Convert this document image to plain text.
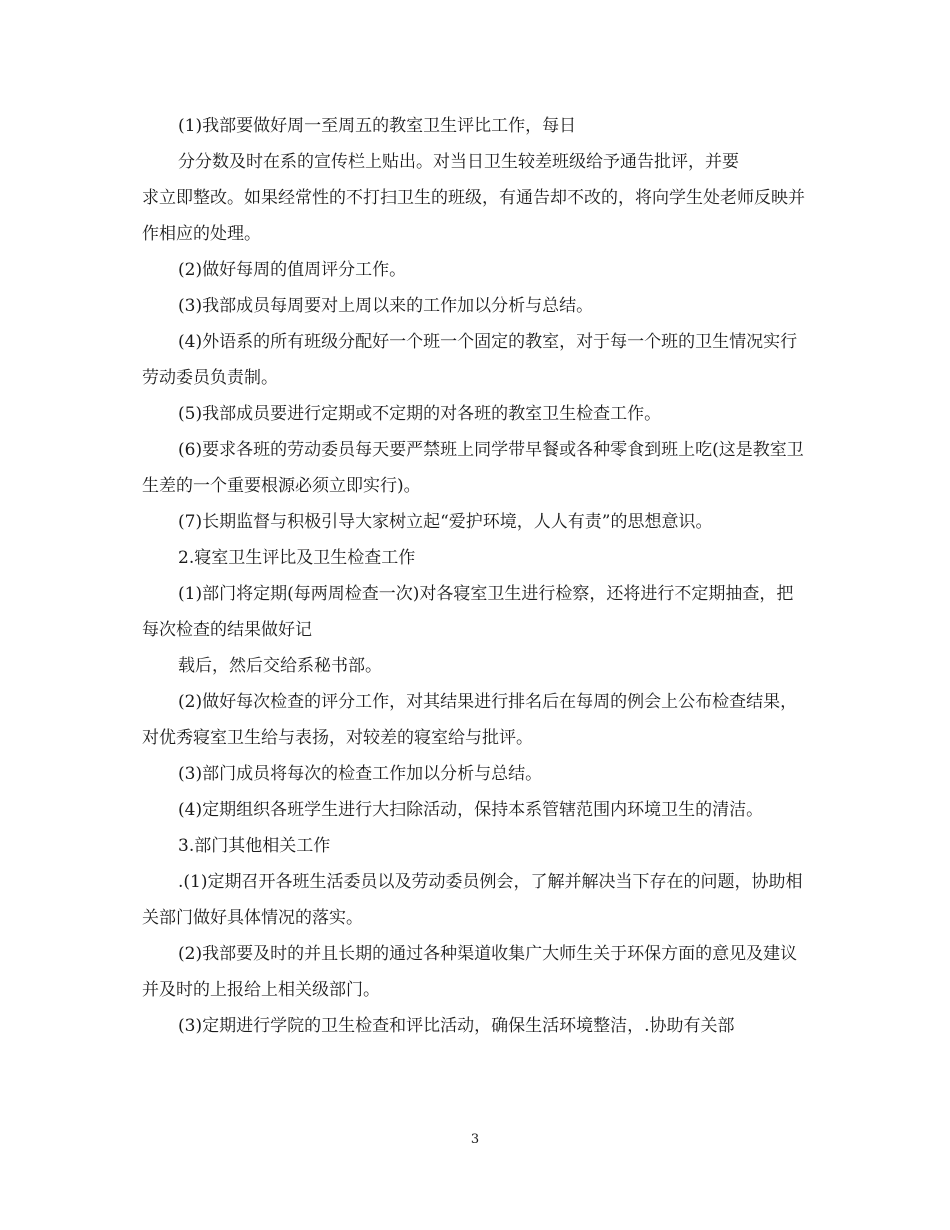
(1)我部要做好周一至周五的教室卫生评比工作，每日

分分数及时在系的宣传栏上贴出。对当日卫生较差班级给予通告批评，并要

求立即整改。如果经常性的不打扫卫生的班级，有通告却不改的，将向学生处老师反映并作相应的处理。

(2)做好每周的值周评分工作。

(3)我部成员每周要对上周以来的工作加以分析与总结。

(4)外语系的所有班级分配好一个班一个固定的教室，对于每一个班的卫生情况实行劳动委员负责制。

(5)我部成员要进行定期或不定期的对各班的教室卫生检查工作。

(6)要求各班的劳动委员每天要严禁班上同学带早餐或各种零食到班上吃(这是教室卫生差的一个重要根源必须立即实行)。

(7)长期监督与积极引导大家树立起“爱护环境，人人有责”的思想意识。

2.寝室卫生评比及卫生检查工作

(1)部门将定期(每两周检查一次)对各寝室卫生进行检察，还将进行不定期抽查，把每次检查的结果做好记

载后，然后交给系秘书部。

(2)做好每次检查的评分工作，对其结果进行排名后在每周的例会上公布检查结果，对优秀寝室卫生给与表扬，对较差的寝室给与批评。

(3)部门成员将每次的检查工作加以分析与总结。

(4)定期组织各班学生进行大扫除活动，保持本系管辖范围内环境卫生的清洁。

3.部门其他相关工作

.(1)定期召开各班生活委员以及劳动委员例会，了解并解决当下存在的问题，协助相关部门做好具体情况的落实。

(2)我部要及时的并且长期的通过各种渠道收集广大师生关于环保方面的意见及建议并及时的上报给上相关级部门。

(3)定期进行学院的卫生检查和评比活动，确保生活环境整洁，.协助有关部

3
